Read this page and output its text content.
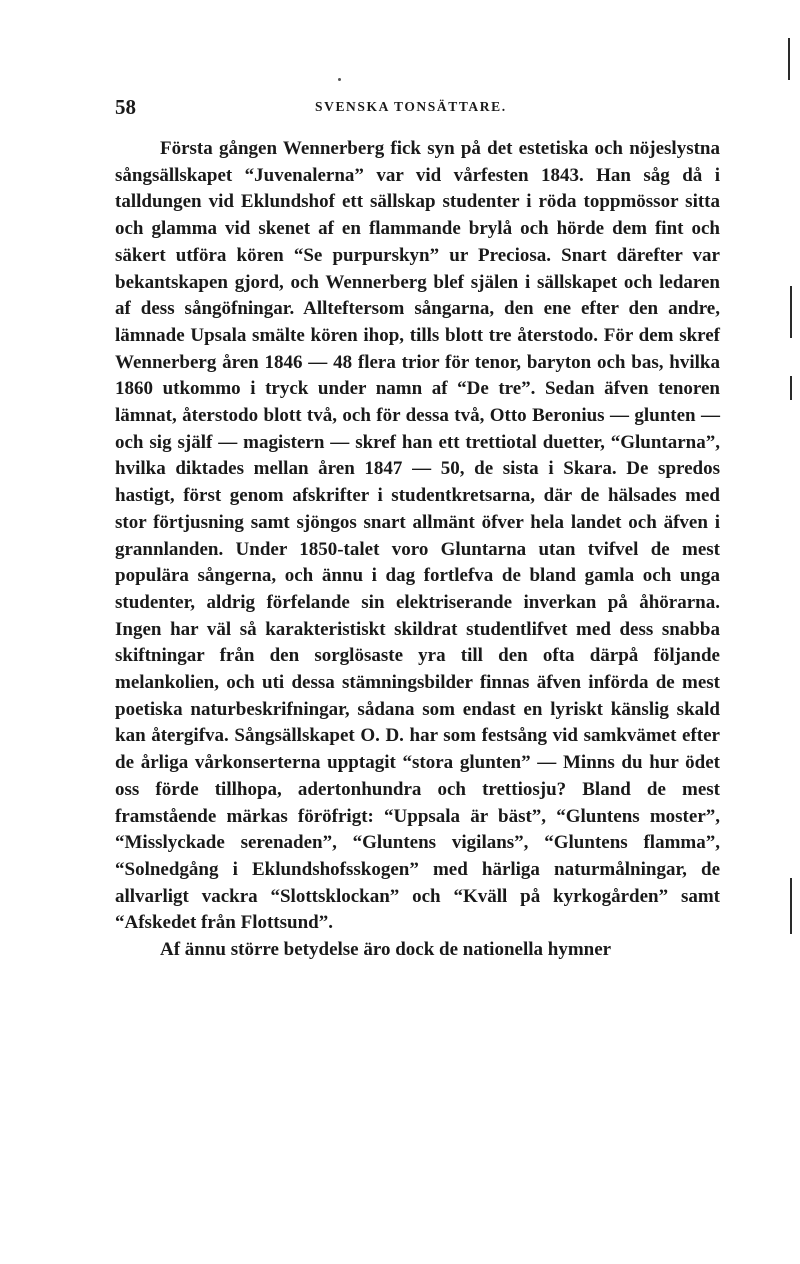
58	SVENSKA TONSÄTTARE.

Första gången Wennerberg fick syn på det estetiska och nöjeslystna sångsällskapet “Juvenalerna” var vid vårfesten 1843. Han såg då i talldungen vid Eklundshof ett sällskap studenter i röda toppmössor sitta och glamma vid skenet af en flammande brylå och hörde dem fint och säkert utföra kören “Se purpurskyn” ur Preciosa. Snart därefter var bekantskapen gjord, och Wennerberg blef själen i sällskapet och ledaren af dess sångöfningar. Allteftersom sångarna, den ene efter den andre, lämnade Upsala smälte kören ihop, tills blott tre återstodo. För dem skref Wennerberg åren 1846 — 48 flera trior för tenor, baryton och bas, hvilka 1860 utkommo i tryck under namn af “De tre”. Sedan äfven tenoren lämnat, återstodo blott två, och för dessa två, Otto Beronius — glunten — och sig själf — magistern — skref han ett trettiotal duetter, “Gluntarna”, hvilka diktades mellan åren 1847 — 50, de sista i Skara. De spredos hastigt, först genom afskrifter i studentkretsarna, där de hälsades med stor förtjusning samt sjöngos snart allmänt öfver hela landet och äfven i grannlanden. Under 1850-talet voro Gluntarna utan tvifvel de mest populära sångerna, och ännu i dag fortlefva de bland gamla och unga studenter, aldrig förfelande sin elektriserande inverkan på åhörarna. Ingen har väl så karakteristiskt skildrat studentlifvet med dess snabba skiftningar från den sorglösaste yra till den ofta därpå följande melankolien, och uti dessa stämningsbilder finnas äfven införda de mest poetiska naturbeskrifningar, sådana som endast en lyriskt känslig skald kan återgifva. Sångsällskapet O. D. har som festsång vid samkvämet efter de årliga vårkonserterna upptagit “stora glunten” — Minns du hur ödet oss förde tillhopa, adertonhundra och trettiosju? Bland de mest framstående märkas föröfrigt: “Uppsala är bäst”, “Gluntens moster”, “Misslyckade serenaden”, “Gluntens vigilans”, “Gluntens flamma”, “Solnedgång i Eklundshofsskogen” med härliga naturmålningar, de allvarligt vackra “Slottsklockan” och “Kväll på kyrkogården” samt “Afskedet från Flottsund”.

Af ännu större betydelse äro dock de nationella hymner
